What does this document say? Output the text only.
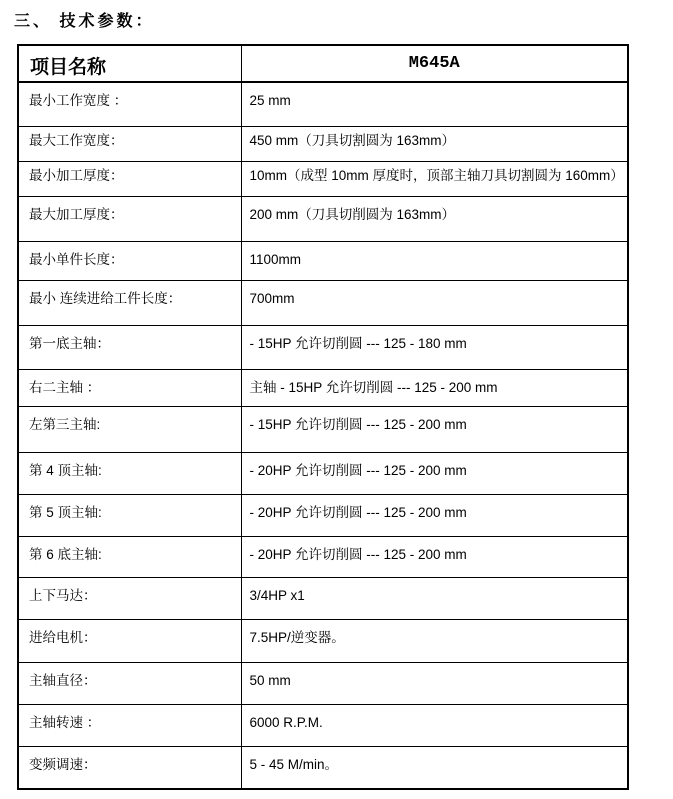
三、 技术参数：
项目名称	M645A
最小工作宽度 ：	25 mm
最大工作宽度：	450 mm（刀具切割圆为 163mm）
最小加工厚度：	10mm（成型 10mm 厚度时，顶部主轴刀具切割圆为 160mm）
最大加工厚度：	200 mm（刀具切削圆为 163mm）
最小单件长度：	1100mm
最小 连续进给工件长度：	700mm
第一底主轴：	- 15HP 允许切削圆 --- 125 - 180 mm
右二主轴 ：	主轴 - 15HP 允许切削圆 --- 125 - 200 mm
左第三主轴:	- 15HP 允许切削圆 --- 125 - 200 mm
第 4 顶主轴:	- 20HP 允许切削圆 --- 125 - 200 mm
第 5 顶主轴:	- 20HP 允许切削圆 --- 125 - 200 mm
第 6 底主轴:	- 20HP 允许切削圆 --- 125 - 200 mm
上下马达：	3/4HP x1
进给电机：	7.5HP/逆变器。
主轴直径：	50 mm
主轴转速 ：	6000 R.P.M.
变频调速：	5 - 45 M/min。
